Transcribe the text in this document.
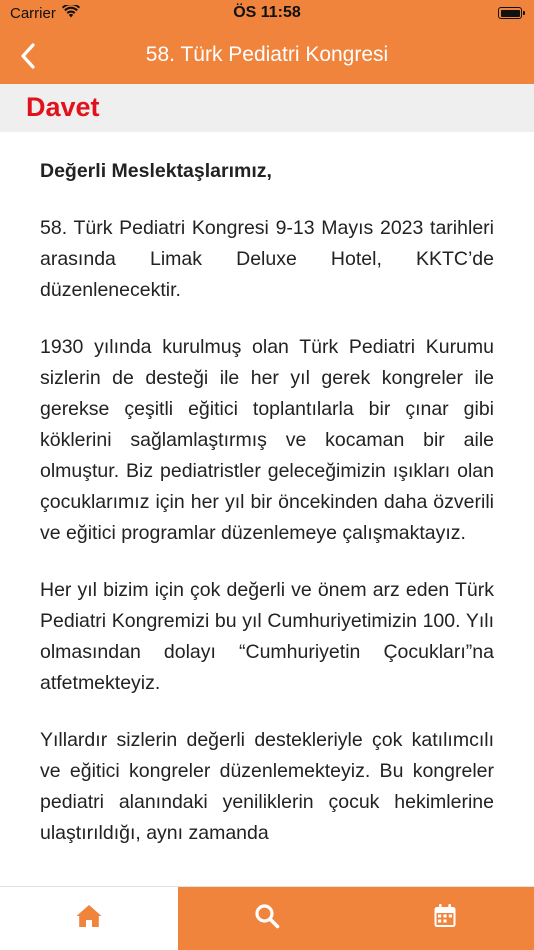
Carrier	ÖS 11:58
58. Türk Pediatri Kongresi
Davet

Değerli Meslektaşlarımız,

58. Türk Pediatri Kongresi 9-13 Mayıs 2023 tarihleri arasında Limak Deluxe Hotel, KKTC’de düzenlenecektir.

1930 yılında kurulmuş olan Türk Pediatri Kurumu sizlerin de desteği ile her yıl gerek kongreler ile gerekse çeşitli eğitici toplantılarla bir çınar gibi köklerini sağlamlaştırmış ve kocaman bir aile olmuştur. Biz pediatristler geleceğimizin ışıkları olan çocuklarımız için her yıl bir öncekinden daha özverili ve eğitici programlar düzenlemeye çalışmaktayız.

Her yıl bizim için çok değerli ve önem arz eden Türk Pediatri Kongremizi bu yıl Cumhuriyetimizin 100. Yılı olmasından dolayı “Cumhuriyetin Çocukları”na atfetmekteyiz.

Yıllardır sizlerin değerli destekleriyle çok katılımcılı ve eğitici kongreler düzenlemekteyiz. Bu kongreler pediatri alanındaki yeniliklerin çocuk hekimlerine ulaştırıldığı, aynı zamanda
